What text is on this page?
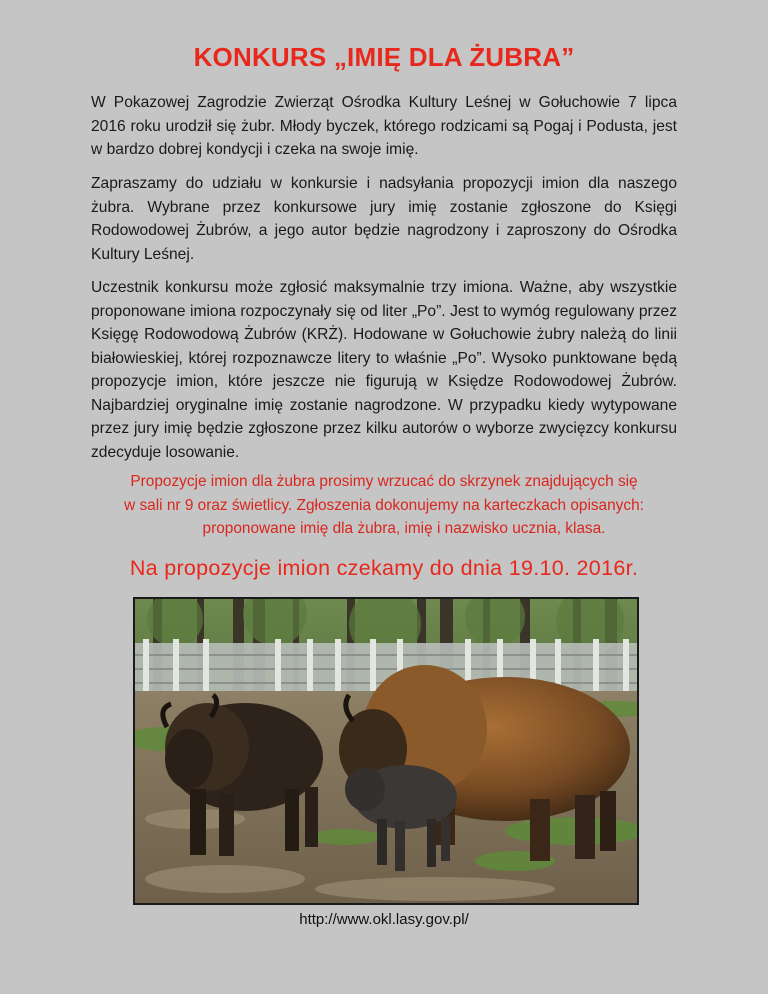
KONKURS „IMIĘ DLA ŻUBRA”
W Pokazowej Zagrodzie Zwierząt Ośrodka Kultury Leśnej w Gołuchowie 7 lipca 2016 roku urodził się żubr. Młody byczek, którego rodzicami są Pogaj i Podusta, jest w bardzo dobrej kondycji i czeka na swoje imię.
Zapraszamy do udziału w konkursie i nadsyłania propozycji imion dla naszego żubra. Wybrane przez konkursowe jury imię zostanie zgłoszone do Księgi Rodowodowej Żubrów, a jego autor będzie nagrodzony i zaproszony do Ośrodka Kultury Leśnej.
Uczestnik konkursu może zgłosić maksymalnie trzy imiona. Ważne, aby wszystkie proponowane imiona rozpoczynały się od liter „Po”. Jest to wymóg regulowany przez Księgę Rodowodową Żubrów (KRŻ). Hodowane w Gołuchowie żubry należą do linii białowieskiej, której rozpoznawcze litery to właśnie „Po”. Wysoko punktowane będą propozycje imion, które jeszcze nie figurują w Księdze Rodowodowej Żubrów. Najbardziej oryginalne imię zostanie nagrodzone. W przypadku kiedy wytypowane przez jury imię będzie zgłoszone przez kilku autorów o wyborze zwycięzcy konkursu zdecyduje losowanie.
Propozycje imion dla żubra prosimy wrzucać do skrzynek znajdujących się
w sali nr 9 oraz świetlicy. Zgłoszenia dokonujemy na karteczkach opisanych:
proponowane imię dla żubra, imię i nazwisko ucznia, klasa.
Na propozycje imion czekamy do dnia 19.10. 2016r.
http://www.okl.lasy.gov.pl/
